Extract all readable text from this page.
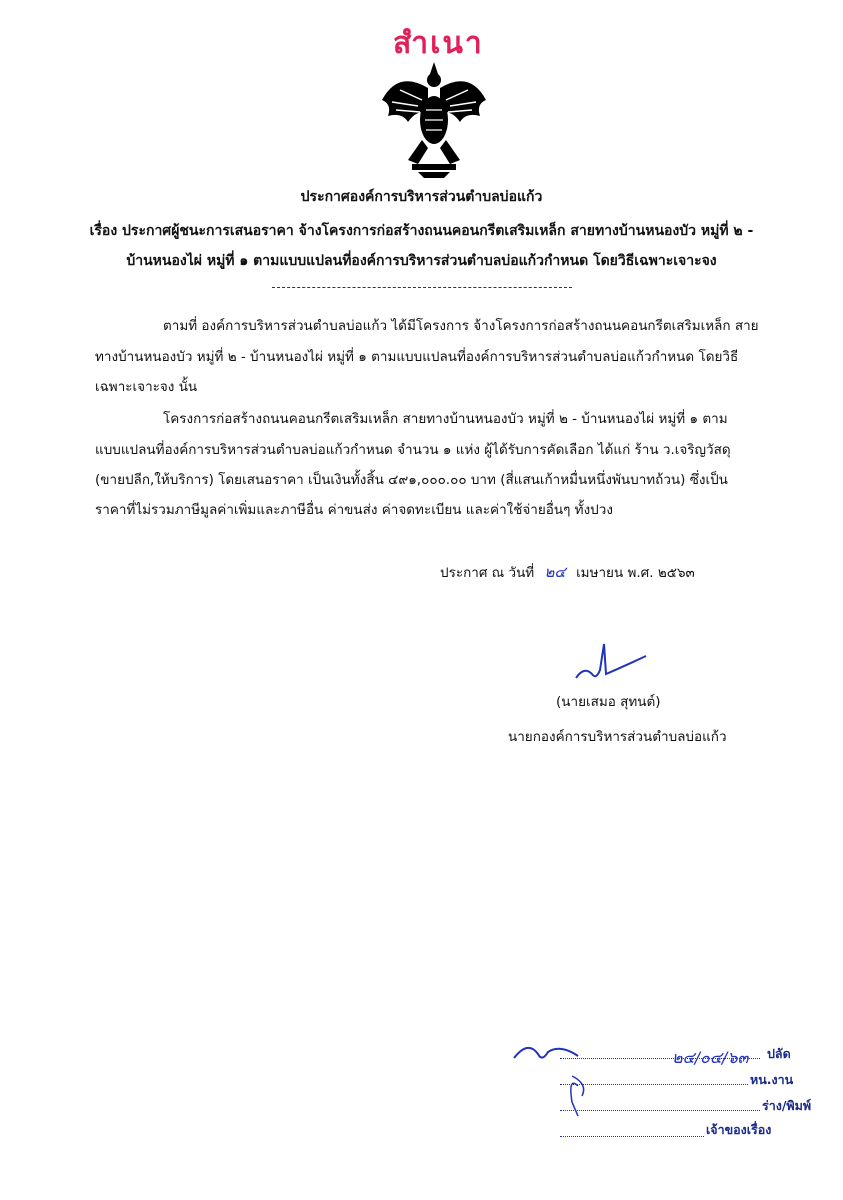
สำเนา
ประกาศองค์การบริหารส่วนตำบลบ่อแก้ว
เรื่อง ประกาศผู้ชนะการเสนอราคา จ้างโครงการก่อสร้างถนนคอนกรีตเสริมเหล็ก สายทางบ้านหนองบัว หมู่ที่ ๒ -
บ้านหนองไผ่ หมู่ที่ ๑ ตามแบบแปลนที่องค์การบริหารส่วนตำบลบ่อแก้วกำหนด โดยวิธีเฉพาะเจาะจง
ตามที่ องค์การบริหารส่วนตำบลบ่อแก้ว ได้มีโครงการ จ้างโครงการก่อสร้างถนนคอนกรีตเสริมเหล็ก สาย
ทางบ้านหนองบัว หมู่ที่ ๒ - บ้านหนองไผ่ หมู่ที่ ๑ ตามแบบแปลนที่องค์การบริหารส่วนตำบลบ่อแก้วกำหนด โดยวิธี
เฉพาะเจาะจง นั้น
โครงการก่อสร้างถนนคอนกรีตเสริมเหล็ก สายทางบ้านหนองบัว หมู่ที่ ๒ - บ้านหนองไผ่ หมู่ที่ ๑ ตาม
แบบแปลนที่องค์การบริหารส่วนตำบลบ่อแก้วกำหนด จำนวน ๑ แห่ง ผู้ได้รับการคัดเลือก ได้แก่ ร้าน ว.เจริญวัสดุ
(ขายปลีก,ให้บริการ) โดยเสนอราคา เป็นเงินทั้งสิ้น ๔๙๑,๐๐๐.๐๐ บาท (สี่แสนเก้าหมื่นหนึ่งพันบาทถ้วน) ซึ่งเป็น
ราคาที่ไม่รวมภาษีมูลค่าเพิ่มและภาษีอื่น ค่าขนส่ง ค่าจดทะเบียน และค่าใช้จ่ายอื่นๆ ทั้งปวง
ประกาศ ณ วันที่ ๒๔ เมษายน พ.ศ. ๒๕๖๓
(นายเสมอ สุทนต์)
นายกองค์การบริหารส่วนตำบลบ่อแก้ว
๒๔/๐๔/๖๓ ปลัด
หน.งาน
ร่าง/พิมพ์
เจ้าของเรื่อง
